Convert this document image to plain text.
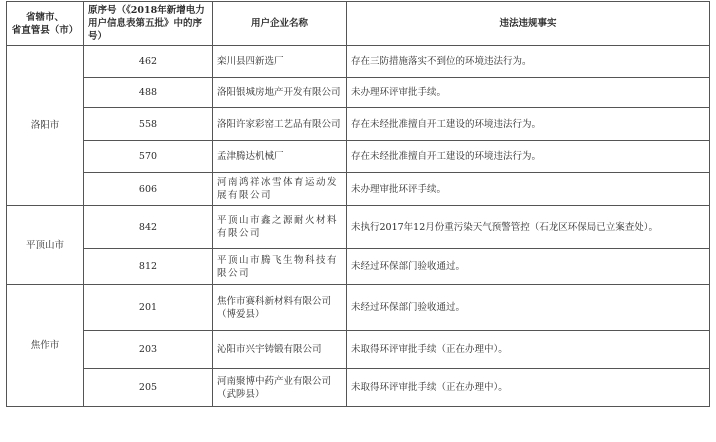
省辖市、
省直管县（市）	原序号（《2018年新增电力用户信息表第五批》中的序号）	用户企业名称	违法违规事实
洛阳市	462	栾川县四新选厂	存在三防措施落实不到位的环境违法行为。
	488	洛阳银城房地产开发有限公司	未办理环评审批手续。
	558	洛阳许家彩窑工艺品有限公司	存在未经批准擅自开工建设的环境违法行为。
	570	孟津腾达机械厂	存在未经批准擅自开工建设的环境违法行为。
	606	河南鸿祥冰雪体育运动发展有限公司	未办理审批环评手续。
平顶山市	842	平顶山市鑫之源耐火材料有限公司	未执行2017年12月份重污染天气预警管控（石龙区环保局已立案查处）。
	812	平顶山市腾飞生物科技有限公司	未经过环保部门验收通过。
焦作市	201	焦作市赛科新材料有限公司（博爱县）	未经过环保部门验收通过。
	203	沁阳市兴宇铸锻有限公司	未取得环评审批手续（正在办理中）。
	205	河南聚博中药产业有限公司（武陟县）	未取得环评审批手续（正在办理中）。
